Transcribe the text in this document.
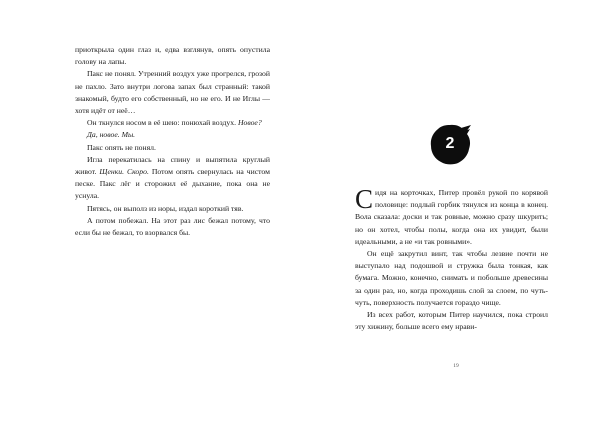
приоткрыла один глаз и, едва взглянув, опять опустила голову на лапы.

Пакс не понял. Утренний воздух уже прогрелся, грозой не пахло. Зато внутри логова запах был странный: такой знакомый, будто его собственный, но не его. И не Иглы — хотя идёт от неё…

Он ткнулся носом в её шею: понюхай воздух. Новое?

Да, новое. Мы.

Пакс опять не понял.

Игла перекатилась на спину и выпятила круглый живот. Щенки. Скоро. Потом опять свернулась на чистом песке. Пакс лёг и сторожил её дыхание, пока она не уснула.

Пятясь, он выполз из норы, издал короткий тяв.

А потом побежал. На этот раз лис бежал потому, что если бы не бежал, то взорвался бы.

2

Сидя на корточках, Питер провёл рукой по корявой половице: подлый горбик тянулся из конца в конец. Вола сказала: доски и так ровные, можно сразу шкурить; но он хотел, чтобы полы, когда она их увидит, были идеальными, а не «и так ровными».

Он ещё закрутил винт, так чтобы лезвие почти не выступало над подошвой и стружка была тонкая, как бумага. Можно, конечно, снимать и побольше древесины за один раз, но, когда проходишь слой за слоем, по чуть-чуть, поверхность получается гораздо чище.

Из всех работ, которым Питер научился, пока строил эту хижину, больше всего ему нрави-

19
